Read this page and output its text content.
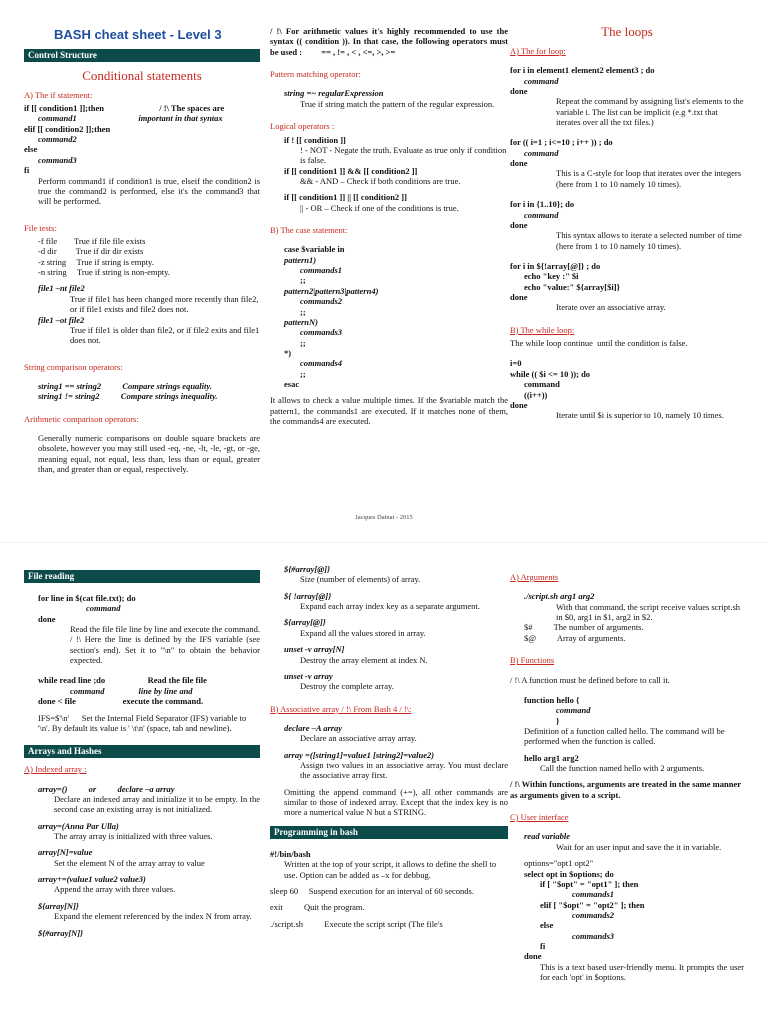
BASH cheat sheet - Level 3
Control Structure
Conditional statements
A) The if statement:
if [[ condition1 ]];then                          / !\ The spaces are
command1                             important in that syntax
elif [[ condition2 ]];then
command2
else
command3
fi
Perform command1 if condition1 is true, elseif the condition2 is true the command2 is performed, else it's the command3 that will be performed.
File tests:
-f file        True if file file exists
-d dir         True if dir dir exists
-z string     True if string is empty.
-n string     True if string is non-empty.
file1 –nt file2
True if file1 has been changed more recently than file2, or if file1 exists and file2 does not.
file1 –ot file2
True if file1 is older than file2, or if file2 exits and file1 does not.
String comparison operators:
string1 == string2          Compare strings equality.
string1 != string2          Compare strings inequality.
Arithmetic comparison operators:
Generally numeric comparisons on double square brackets are obsolete, however you may still used -eq, -ne, -lt, -le, -gt, or -ge, meaning equal, not equal, less than, less than or equal, greater than, and greater than or equal, respectively.
/ !\ For arithmetic values it's highly recommended to use the syntax (( condition )). In that case, the following operators must be used :         == , != , < , <=, >, >=
Pattern matching operator:
string =~ regularExpression
True if string match the pattern of the regular expression.
Logical operators :
if ! [[ condition ]]
! - NOT - Negate the truth. Evaluate as true only if condition is false.
if [[ condition1 ]] && [[ condition2 ]]
&& - AND – Check if both conditions are true.
if [[ condition1 ]] || [[ condition2 ]]
|| - OR – Check if one of the conditions is true.
B) The case statement:
case $variable in
pattern1)
commands1
;;
pattern2|pattern3|pattern4)
commands2
;;
patternN)
commands3
;;
*)
commands4
;;
esac
It allows to check a value multiple times. If the $variable match the pattern1, the commands1 are executed. If it matches none of them, the commands4 are executed.
The loops
A) The for loop:
for i in element1 element2 element3 ; do
command
done
Repeat the command by assigning list's elements to the variable i. The list can be implicit (e.g *.txt that iterates over all the txt files.)
for (( i=1 ; i<=10 ; i++ )) ; do
command
done
This is a C-style for loop that iterates over the integers (here from 1 to 10 namely 10 times).
for i in {1..10}; do
command
done
This syntax allows to iterate a selected number of time (here from 1 to 10 namely 10 times).
for i in ${!array[@]} ; do
echo "key :" $i
echo "value:" ${array[$i]}
done
Iterate over an associative array.
B) The while loop:
The while loop continue  until the condition is false.
i=0
while (( $i <= 10 )); do
command
((i++))
done
Iterate until $i is superior to 10, namely 10 times.
Jacques Dainat - 2015
File reading
for line in $(cat file.txt); do
command
done
Read the file file line by line and execute the command. / !\ Here the line is defined by the IFS variable (see section's end). Set it to "\n" to obtain the behavior expected.
while read line ;do                    Read the file file
command                line by line and
done < file                      execute the command.
IFS=$'\n'      Set the Internal Field Separator (IFS) variable to '\n'. By default its value is ' \t\n' (space, tab and newline).
Arrays and Hashes
A) Indexed array :
array=()          or          declare –a array
Declare an indexed array and initialize it to be empty. In the second case an existing array is not initialized.
array=(Anna Par Ulla)
The array array is initialized with three values.
array[N]=value
Set the element N of the array array to value
array+=(value1 value2 value3)
Append the array with three values.
${array[N]}
Expand the element referenced by the index N from array.
${#array[N]}
${#array[@]}
Size (number of elements) of array.
${ !array[@]}
Expand each array index key as a separate argument.
${array[@]}
Expand all the values stored in array.
unset -v array[N]
Destroy the array element at index N.
unset -v array
Destroy the complete array.
B) Associative array / !\ From Bash 4 / !\:
declare –A array
Declare an associative array array.
array =([string1]=value1 [string2]=value2)
Assign two values in an associative array. You must declare the associative array first.
Omitting the append command (+=), all other commands are similar to those of indexed array. Except that the index key is no more a numerical value N but a STRING.
Programming in bash
#!/bin/bash
Written at the top of your script, it allows to define the shell to use. Option can be added as –x for debbug.
sleep 60     Suspend execution for an interval of 60 seconds.
exit          Quit the program.
./script.sh          Execute the script script (The file's
A) Arguments
./script.sh arg1 arg2
With that command, the script receive values script.sh in $0, arg1 in $1, arg2 in $2.
$#          The number of arguments.
$@          Array of arguments.
B) Functions
/ !\ A function must be defined before to call it.
function hello {
command
}
Definition of a function called hello. The command will be performed when the function is called.
hello arg1 arg2
Call the function named hello with 2 arguments.
/ !\ Within functions, arguments are treated in the same manner as arguments given to a script.
C) User interface
read variable
Wait for an user input and save the it in variable.
options="opt1 opt2"
select opt in $options; do
if [ "$opt" = "opt1" ]; then
commands1
elif [ "$opt" = "opt2" ]; then
commands2
else
commands3
fi
done
This is a text based user-friendly menu. It prompts the user for each 'opt' in $options.
